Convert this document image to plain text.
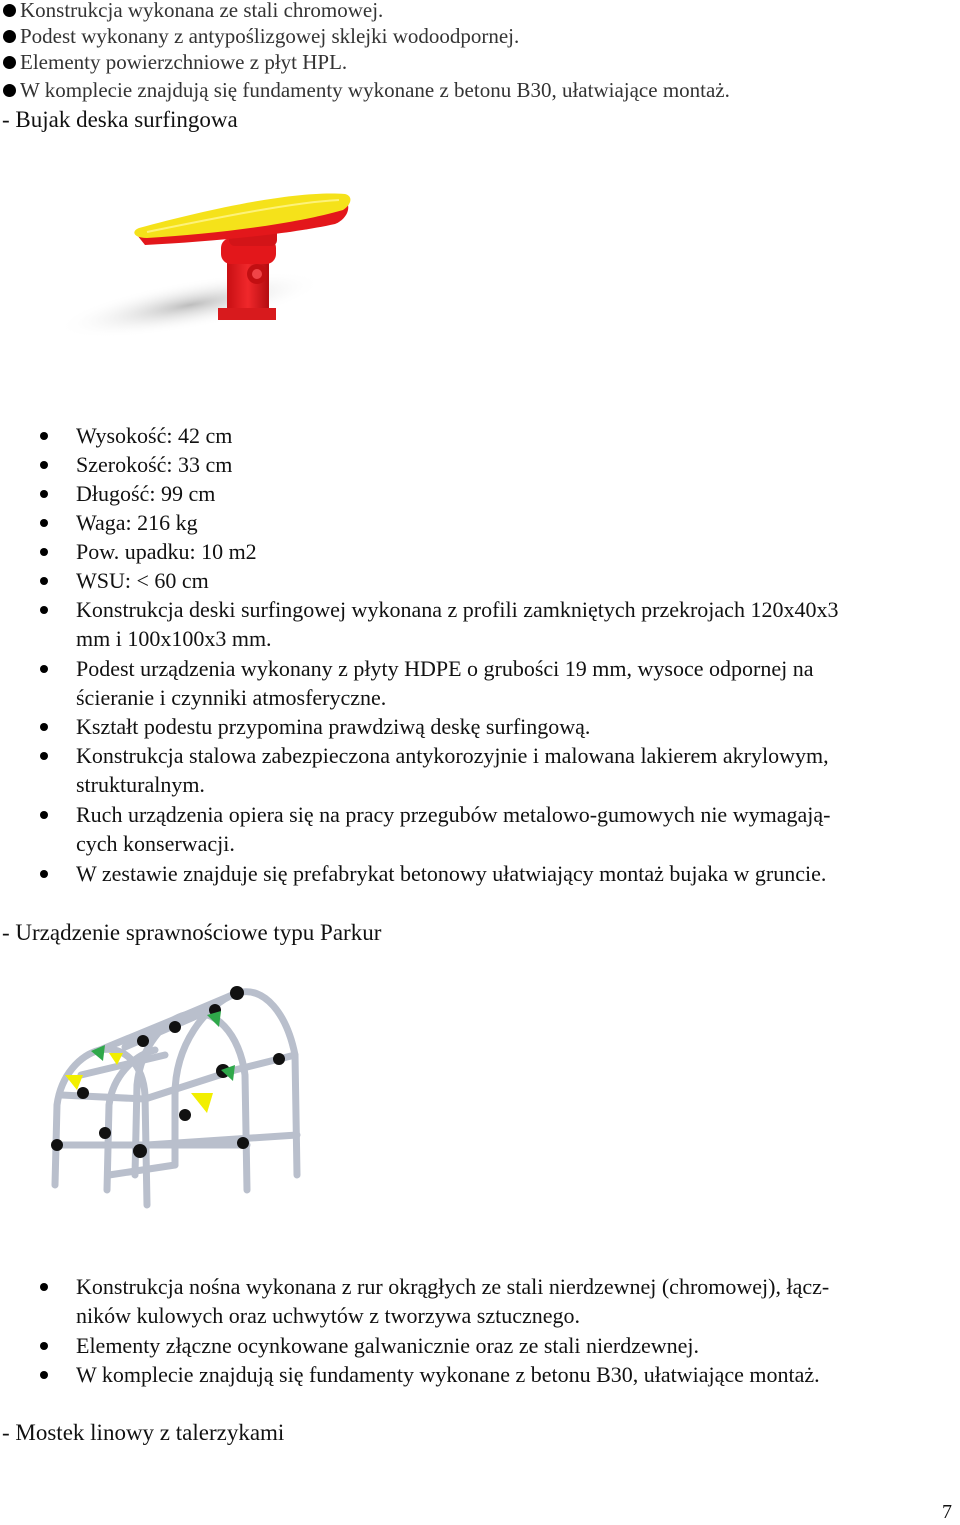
Konstrukcja wykonana ze stali chromowej.
Podest wykonany z antypoślizgowej sklejki wodoodpornej.
Elementy powierzchniowe z płyt HPL.
W komplecie znajdują się fundamenty wykonane z betonu B30, ułatwiające montaż.
- Bujak deska surfingowa
Wysokość: 42 cm
Szerokość: 33 cm
Długość: 99 cm
Waga: 216 kg
Pow. upadku: 10 m2
WSU: < 60 cm
Konstrukcja deski surfingowej wykonana z profili zamkniętych przekrojach 120x40x3
mm i 100x100x3 mm.
Podest urządzenia wykonany z płyty HDPE o grubości 19 mm, wysoce odpornej na
ścieranie i czynniki atmosferyczne.
Kształt podestu przypomina prawdziwą deskę surfingową.
Konstrukcja stalowa zabezpieczona antykorozyjnie i malowana lakierem akrylowym,
strukturalnym.
Ruch urządzenia opiera się na pracy przegubów metalowo-gumowych nie wymagają-
cych konserwacji.
W zestawie znajduje się prefabrykat betonowy ułatwiający montaż bujaka w gruncie.
- Urządzenie sprawnościowe typu Parkur
Konstrukcja nośna wykonana z rur okrągłych ze stali nierdzewnej (chromowej), łącz-
ników kulowych oraz uchwytów z tworzywa sztucznego.
Elementy złączne ocynkowane galwanicznie oraz ze stali nierdzewnej.
W komplecie znajdują się fundamenty wykonane z betonu B30, ułatwiające montaż.
- Mostek linowy z talerzykami
7
